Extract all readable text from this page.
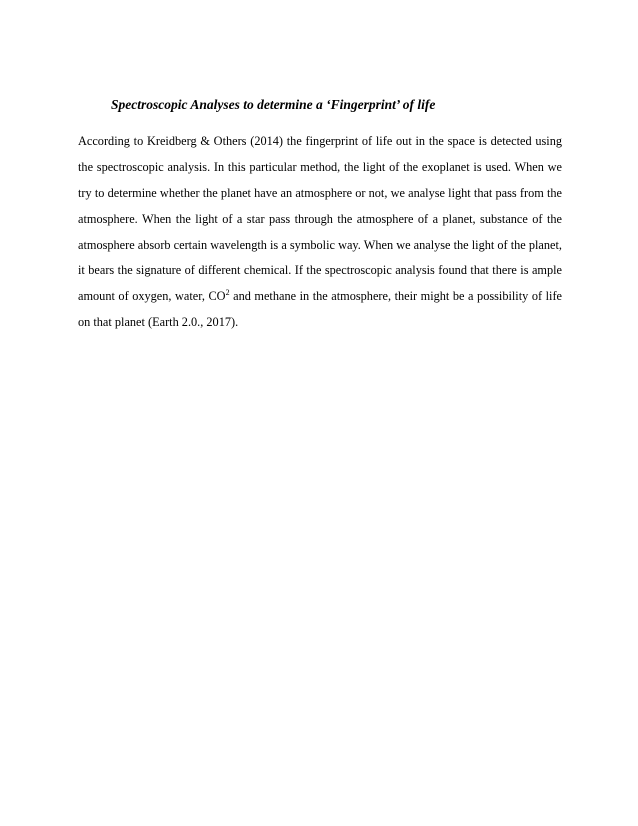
Spectroscopic Analyses to determine a ‘Fingerprint’ of life

According to Kreidberg & Others (2014) the fingerprint of life out in the space is detected using

the spectroscopic analysis. In this particular method, the light of the exoplanet is used. When we

try to determine whether the planet have an atmosphere or not, we analyse light that pass from the

atmosphere. When the light of a star pass through the atmosphere of a planet, substance of the

atmosphere absorb certain wavelength is a symbolic way. When we analyse the light of the planet,

it bears the signature of different chemical. If the spectroscopic analysis found that there is ample

amount of oxygen, water, $CO^2$ and methane in the atmosphere, their might be a possibility of life

on that planet (Earth 2.0., 2017).
